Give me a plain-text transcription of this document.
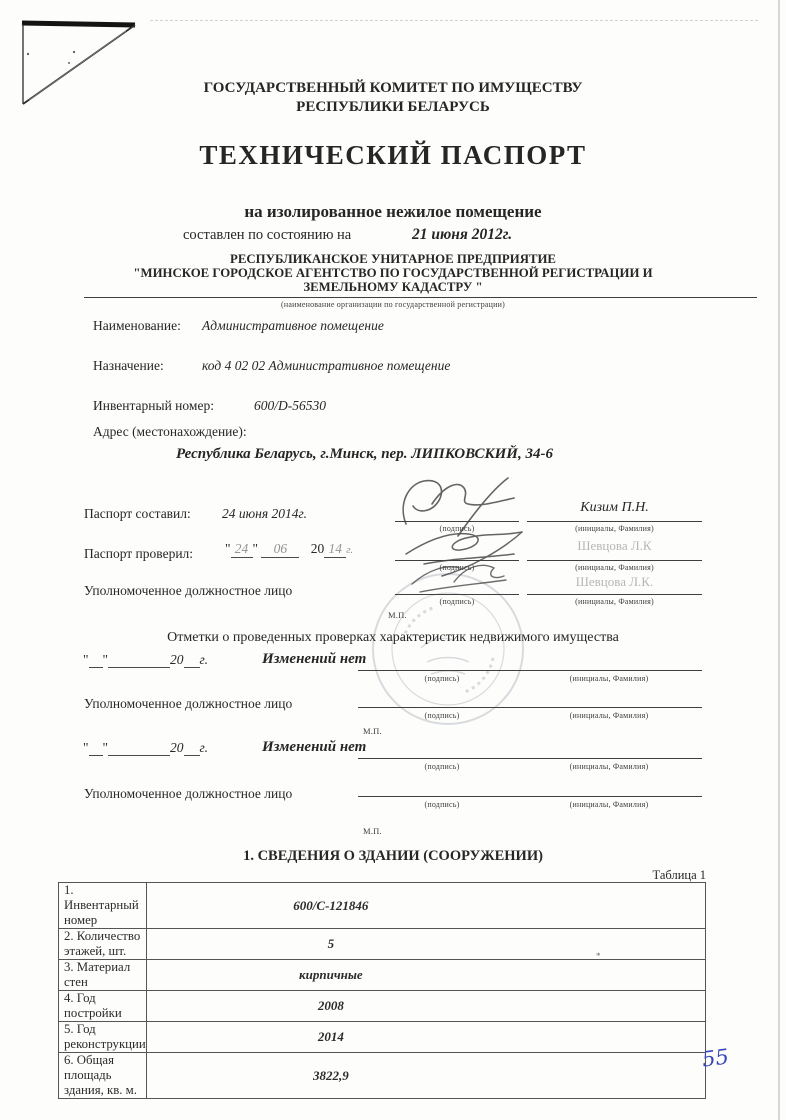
ГОСУДАРСТВЕННЫЙ КОМИТЕТ ПО ИМУЩЕСТВУ
РЕСПУБЛИКИ БЕЛАРУСЬ
ТЕХНИЧЕСКИЙ ПАСПОРТ
на изолированное нежилое помещение
составлен по состоянию на	21 июня 2012г.
РЕСПУБЛИКАНСКОЕ УНИТАРНОЕ ПРЕДПРИЯТИЕ
"МИНСКОЕ ГОРОДСКОЕ АГЕНТСТВО ПО ГОСУДАРСТВЕННОЙ РЕГИСТРАЦИИ И
ЗЕМЕЛЬНОМУ КАДАСТРУ "
(наименование организации по государственной регистрации)
Наименование: Административное помещение
Назначение:	код 4 02 02 Административное помещение
Инвентарный номер:	600/D-56530
Адрес (местонахождение):
Республика Беларусь, г.Минск, пер. ЛИПКОВСКИЙ, 34-6
Паспорт составил: 24 июня 2014г.
(подпись)
Кизим П.Н.
(инициалы, Фамилия)
Паспорт проверил: " 24 " 06 20 14 г.
(подпись)
Шевцова Л.К
(инициалы, Фамилия)
Уполномоченное должностное лицо
(подпись)
Шевцова Л.К.
(инициалы, Фамилия)
М.П.
Отметки о проведенных проверках характеристик недвижимого имущества
" "	20 г.	Изменений нет
(подпись)	(инициалы, Фамилия)
Уполномоченное должностное лицо
(подпись)	(инициалы, Фамилия)
М.П.
" "	20 г.	Изменений нет
(подпись)	(инициалы, Фамилия)
Уполномоченное должностное лицо
(подпись)	(инициалы, Фамилия)
М.П.
1. СВЕДЕНИЯ О ЗДАНИИ (СООРУЖЕНИИ)
Таблица 1
1. Инвентарный номер	600/C-121846
2. Количество этажей, шт.	5
3. Материал стен	кирпичные
4. Год постройки	2008
5. Год реконструкции	2014
6. Общая площадь здания, кв. м.	3822,9
*
55
